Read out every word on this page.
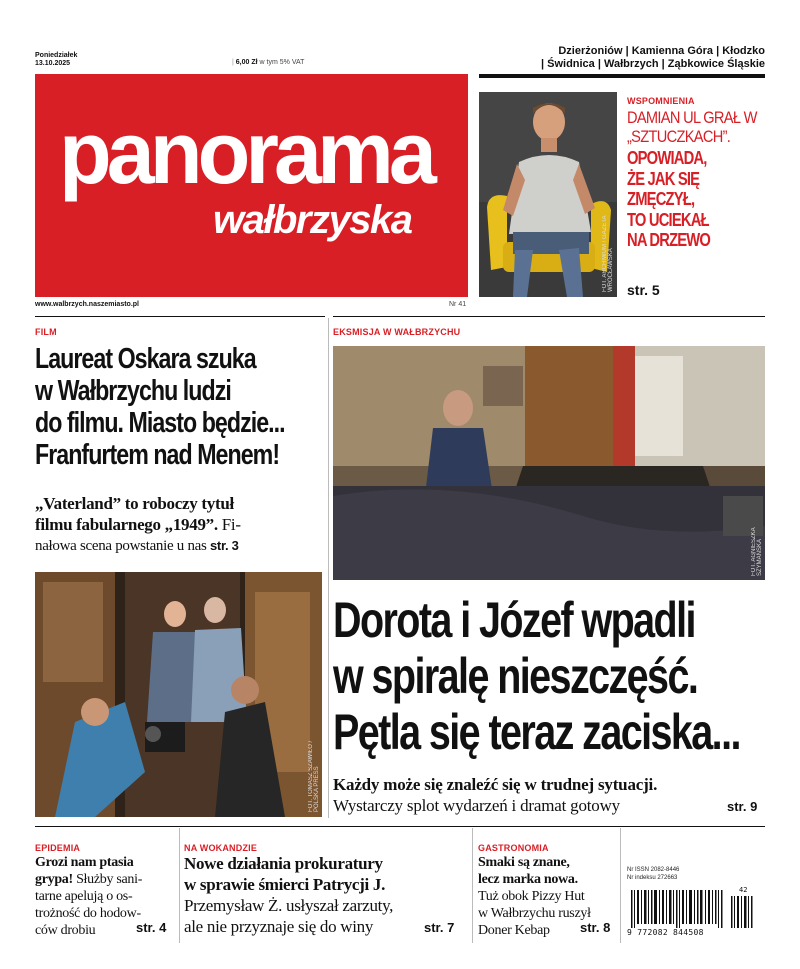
Poniedziałek
13.10.2025	| 6,00 Zł w tym 5% VAT
Dzierżoniów | Kamienna Góra | Kłodzko
| Świdnica | Wałbrzych | Ząbkowice Śląskie
panorama
wałbrzyska
www.walbrzych.naszemiasto.pl	Nr 41
FOT. ARCHIWUM / GAZETA WROCŁAWSKA
WSPOMNIENIA
DAMIAN UL GRAŁ W „SZTUCZKACH”.
OPOWIADA,
ŻE JAK SIĘ
ZMĘCZYŁ,
TO UCIEKAŁ
NA DRZEWO
str. 5
FILM
Laureat Oskara szuka
w Wałbrzychu ludzi
do filmu. Miasto będzie...
Franfurtem nad Menem!
„Vaterland” to roboczy tytuł
filmu fabularnego „1949”. Fi-
nałowa scena powstanie u nas str. 3
FOT. TOMASZ SZAWIŁO / POLSKA PRESS
EKSMISJA W WAŁBRZYCHU
FOT. AGNIESZKA SZYMAŃSKA
Dorota i Józef wpadli
w spiralę nieszczęść.
Pętla się teraz zaciska...
Każdy może się znaleźć się w trudnej sytuacji.
Wystarczy splot wydarzeń i dramat gotowy	str. 9
EPIDEMIA
Grozi nam ptasia
grypa! Służby sani-
tarne apelują o os-
trożność do hodow-
ców drobiu	str. 4
NA WOKANDZIE
Nowe działania prokuratury
w sprawie śmierci Patrycji J.
Przemysław Ż. usłyszał zarzuty,
ale nie przyznaje się do winy	str. 7
GASTRONOMIA
Smaki są znane,
lecz marka nowa.
Tuż obok Pizzy Hut
w Wałbrzychu ruszył
Doner Kebap	str. 8
Nr ISSN 2082-8446
Nr indeksu 272663
9 772082 844508
42
